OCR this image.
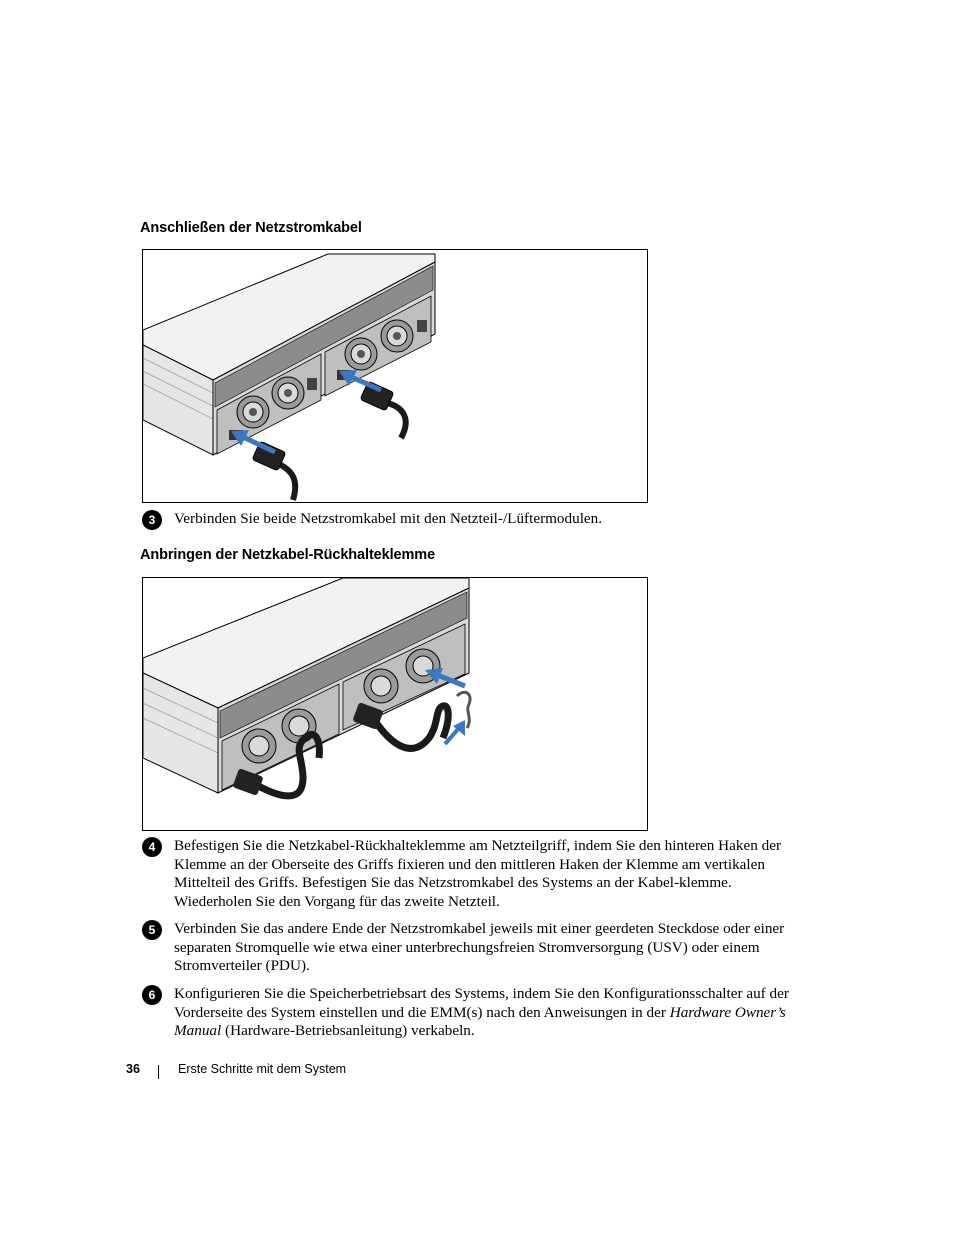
Anschließen der Netzstromkabel
3	Verbinden Sie beide Netzstromkabel mit den Netzteil-/Lüftermodulen.
Anbringen der Netzkabel-Rückhalteklemme
4	Befestigen Sie die Netzkabel-Rückhalteklemme am Netzteilgriff, indem Sie den hinteren Haken der Klemme an der Oberseite des Griffs fixieren und den mittleren Haken der Klemme am vertikalen Mittelteil des Griffs. Befestigen Sie das Netzstromkabel des Systems an der Kabel-klemme. Wiederholen Sie den Vorgang für das zweite Netzteil.
5	Verbinden Sie das andere Ende der Netzstromkabel jeweils mit einer geerdeten Steckdose oder einer separaten Stromquelle wie etwa einer unterbrechungsfreien Stromversorgung (USV) oder einem Stromverteiler (PDU).
6	Konfigurieren Sie die Speicherbetriebsart des Systems, indem Sie den Konfigurationsschalter auf der Vorderseite des System einstellen und die EMM(s) nach den Anweisungen in der Hardware Owner’s Manual (Hardware-Betriebsanleitung) verkabeln.
36	Erste Schritte mit dem System
